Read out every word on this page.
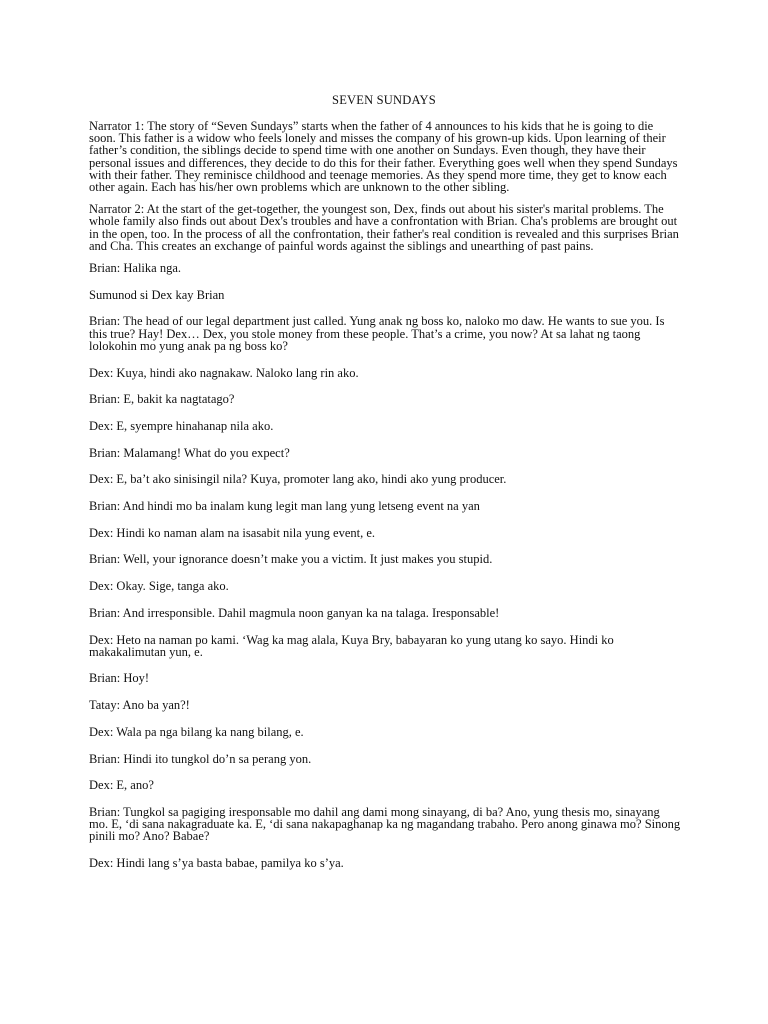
SEVEN SUNDAYS

Narrator 1: The story of “Seven Sundays” starts when the father of 4 announces to his kids that he is going to die soon. This father is a widow who feels lonely and misses the company of his grown-up kids. Upon learning of their father’s condition, the siblings decide to spend time with one another on Sundays. Even though, they have their personal issues and differences, they decide to do this for their father. Everything goes well when they spend Sundays with their father. They reminisce childhood and teenage memories. As they spend more time, they get to know each other again. Each has his/her own problems which are unknown to the other sibling.

Narrator 2: At the start of the get-together, the youngest son, Dex, finds out about his sister's marital problems. The whole family also finds out about Dex's troubles and have a confrontation with Brian. Cha's problems are brought out in the open, too. In the process of all the confrontation, their father's real condition is revealed and this surprises Brian and Cha. This creates an exchange of painful words against the siblings and unearthing of past pains.

Brian: Halika nga.

Sumunod si Dex kay Brian

Brian: The head of our legal department just called. Yung anak ng boss ko, naloko mo daw. He wants to sue you. Is this true? Hay! Dex… Dex, you stole money from these people. That’s a crime, you now? At sa lahat ng taong lolokohin mo yung anak pa ng boss ko?

Dex: Kuya, hindi ako nagnakaw. Naloko lang rin ako.

Brian: E, bakit ka nagtatago?

Dex: E, syempre hinahanap nila ako.

Brian: Malamang! What do you expect?

Dex: E, ba’t ako sinisingil nila? Kuya, promoter lang ako, hindi ako yung producer.

Brian: And hindi mo ba inalam kung legit man lang yung letseng event na yan

Dex: Hindi ko naman alam na isasabit nila yung event, e.

Brian: Well, your ignorance doesn’t make you a victim. It just makes you stupid.

Dex: Okay. Sige, tanga ako.

Brian: And irresponsible. Dahil magmula noon ganyan ka na talaga. Iresponsable!

Dex: Heto na naman po kami. ‘Wag ka mag alala, Kuya Bry, babayaran ko yung utang ko sayo. Hindi ko makakalimutan yun, e.

Brian: Hoy!

Tatay: Ano ba yan?!

Dex: Wala pa nga bilang ka nang bilang, e.

Brian: Hindi ito tungkol do’n sa perang yon.

Dex: E, ano?

Brian: Tungkol sa pagiging iresponsable mo dahil ang dami mong sinayang, di ba? Ano, yung thesis mo, sinayang mo. E, ‘di sana nakagraduate ka. E, ‘di sana nakapaghanap ka ng magandang trabaho. Pero anong ginawa mo? Sinong pinili mo? Ano? Babae?

Dex: Hindi lang s’ya basta babae, pamilya ko s’ya.
